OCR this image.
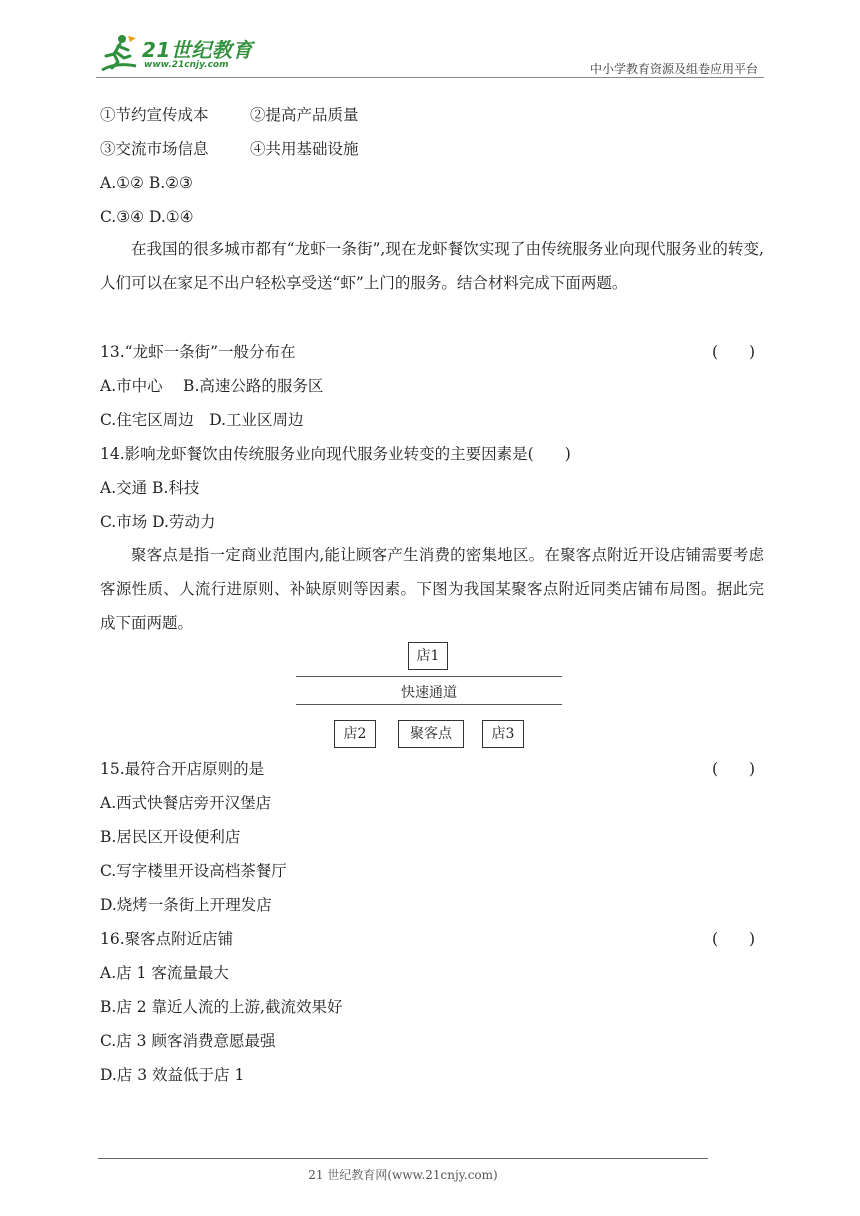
21世纪教育
www.21cnjy.com	中小学教育资源及组卷应用平台
①节约宣传成本	②提高产品质量
③交流市场信息	④共用基础设施
A.①② B.②③
C.③④ D.①④
在我国的很多城市都有“龙虾一条街”,现在龙虾餐饮实现了由传统服务业向现代服务业的转变,人们可以在家足不出户轻松享受送“虾”上门的服务。结合材料完成下面两题。
13.“龙虾一条街”一般分布在	(　　)
A.市中心　 B.高速公路的服务区
C.住宅区周边　D.工业区周边
14.影响龙虾餐饮由传统服务业向现代服务业转变的主要因素是(　　)
A.交通 B.科技
C.市场 D.劳动力
聚客点是指一定商业范围内,能让顾客产生消费的密集地区。在聚客点附近开设店铺需要考虑客源性质、人流行进原则、补缺原则等因素。下图为我国某聚客点附近同类店铺布局图。据此完成下面两题。
店1
快速通道
店2	聚客点	店3
15.最符合开店原则的是	(　　)
A.西式快餐店旁开汉堡店
B.居民区开设便利店
C.写字楼里开设高档茶餐厅
D.烧烤一条街上开理发店
16.聚客点附近店铺	(　　)
A.店 1 客流量最大
B.店 2 靠近人流的上游,截流效果好
C.店 3 顾客消费意愿最强
D.店 3 效益低于店 1
21 世纪教育网(www.21cnjy.com)
